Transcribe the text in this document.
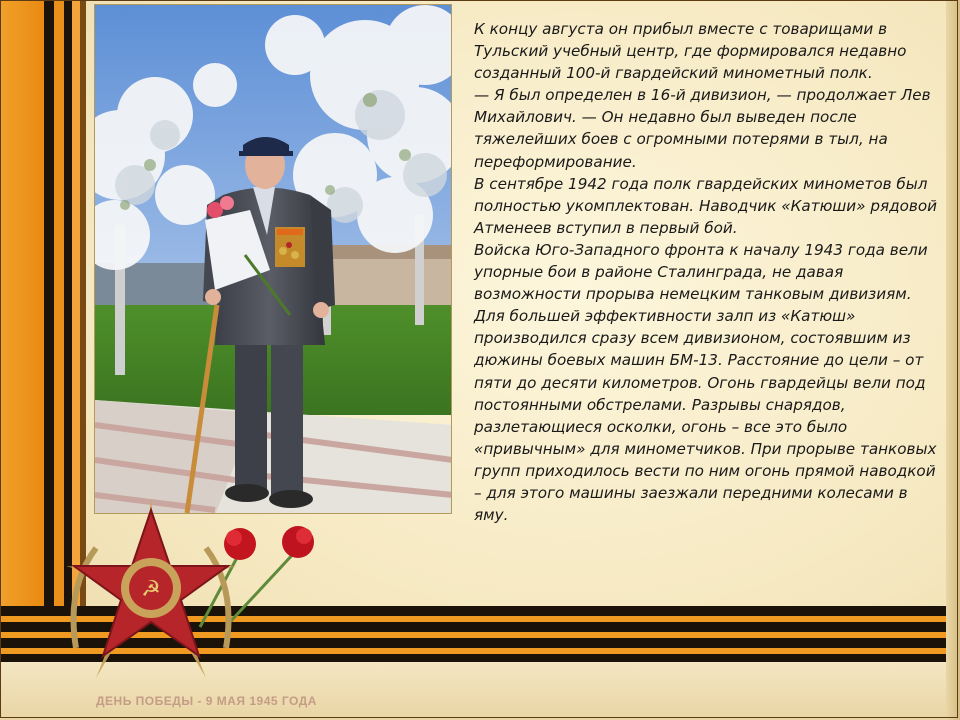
ДЕНЬ ПОБЕДЫ - 9 МАЯ 1945 ГОДА

К концу августа он прибыл вместе с товарищами в Тульский учебный центр, где формировался недавно созданный 100-й гвардейский минометный полк.

— Я был определен в 16-й дивизион, — продолжает Лев Михайлович. — Он недавно был выведен после тяжелейших боев с огромными потерями в тыл, на переформирование.

В сентябре 1942 года полк гвардейских минометов был полностью укомплектован. Наводчик «Катюши» рядовой Атменеев вступил в первый бой.

Войска Юго-Западного фронта к началу 1943 года вели упорные бои в районе Сталинграда, не давая возможности прорыва немецким танковым дивизиям. Для большей эффективности залп из «Катюш» производился сразу всем дивизионом, состоявшим из дюжины боевых машин БМ-13. Расстояние до цели – от пяти до десяти километров. Огонь гвардейцы вели под постоянными обстрелами. Разрывы снарядов, разлетающиеся осколки, огонь – все это было «привычным» для минометчиков. При прорыве танковых групп приходилось вести по ним огонь прямой наводкой – для этого машины заезжали передними колесами в яму.

☭
